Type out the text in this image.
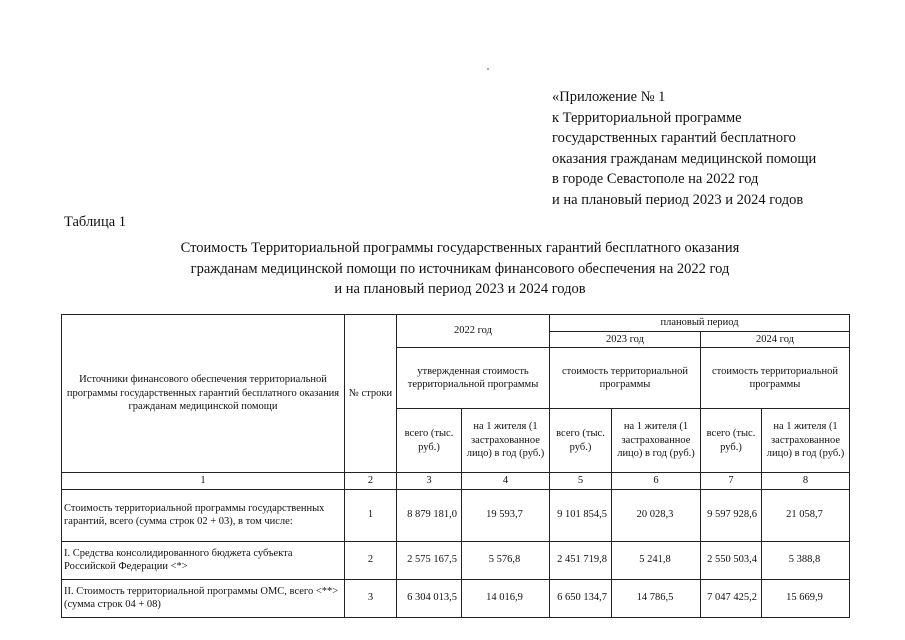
«Приложение № 1
к Территориальной программе
государственных гарантий бесплатного
оказания гражданам медицинской помощи
в городе Севастополе на 2022 год
и на плановый период 2023 и 2024 годов
Таблица 1
Стоимость Территориальной программы государственных гарантий бесплатного оказания
гражданам медицинской помощи по источникам финансового обеспечения на 2022 год
и на плановый период 2023 и 2024 годов
Источники финансового обеспечения территориальной программы государственных гарантий бесплатного оказания гражданам медицинской помощи	№ строки	2022 год		плановый период			
				2023 год		2024 год	
		утвержденная стоимость территориальной программы		стоимость территориальной программы		стоимость территориальной программы	
		всего (тыс. руб.)	на 1 жителя (1 застрахованное лицо) в год (руб.)	всего (тыс. руб.)	на 1 жителя (1 застрахованное лицо) в год (руб.)	всего (тыс. руб.)	на 1 жителя (1 застрахованное лицо) в год (руб.)
1	2	3	4	5	6	7	8
Стоимость территориальной программы государственных гарантий, всего (сумма строк 02 + 03), в том числе:	1	8 879 181,0	19 593,7	9 101 854,5	20 028,3	9 597 928,6	21 058,7
I. Средства консолидированного бюджета субъекта Российской Федерации <*>	2	2 575 167,5	5 576,8	2 451 719,8	5 241,8	2 550 503,4	5 388,8
II. Стоимость территориальной программы ОМС, всего <**> (сумма строк 04 + 08)	3	6 304 013,5	14 016,9	6 650 134,7	14 786,5	7 047 425,2	15 669,9
